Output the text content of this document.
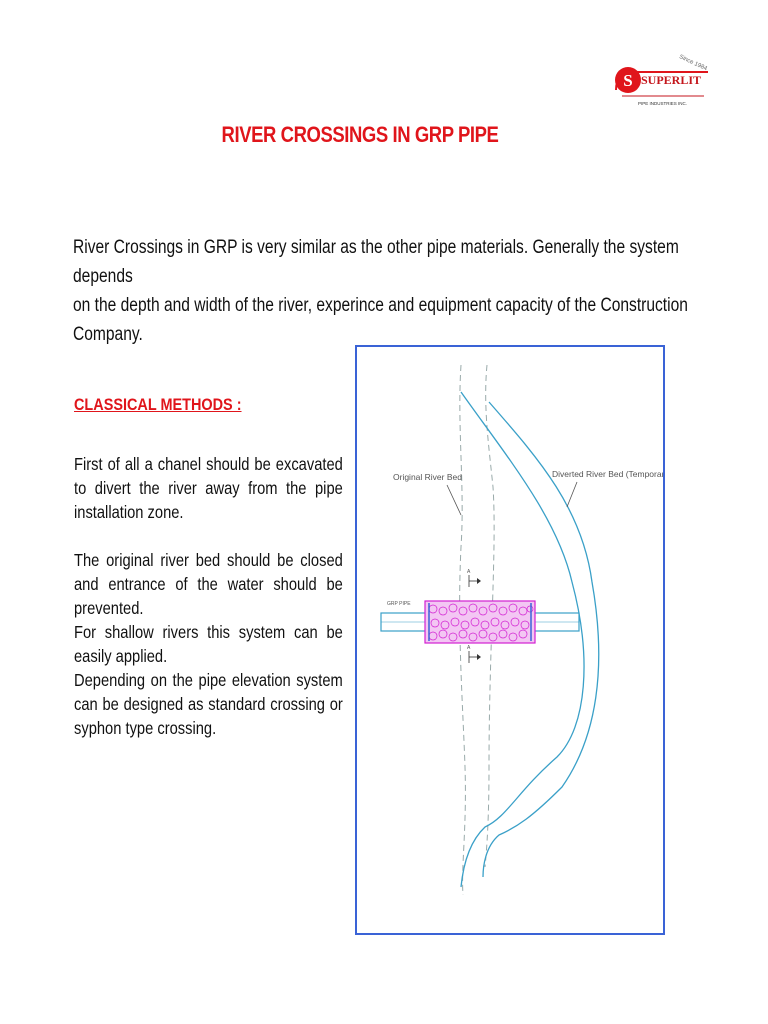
S SUPERLIT
PIPE INDUSTRIES INC.
Since 1984
RIVER CROSSINGS IN GRP PIPE

River Crossings in GRP is very similar as the other pipe materials. Generally the system depends

on the depth and width of the river, experince and equipment capacity of the Construction

Company.

CLASSICAL METHODS :

First of all a chanel should be excavated to divert the river away from the pipe installation zone.

The original river bed should be closed and entrance of the water should be prevented.

For shallow rivers this system can be easily applied.

Depending on the pipe elevation system can be designed as standard crossing or syphon type crossing.

Original River Bed	Diverted River Bed (Temporary)
A
A
GRP PIPE
